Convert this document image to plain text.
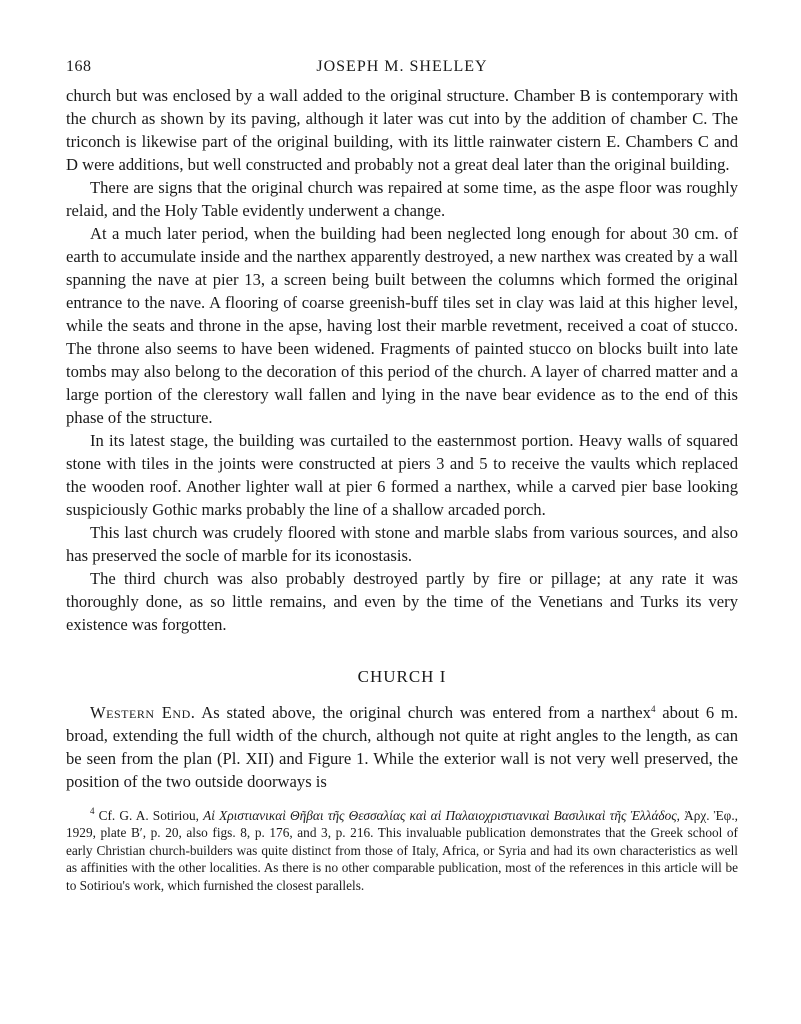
168	JOSEPH M. SHELLEY

church but was enclosed by a wall added to the original structure. Chamber B is contemporary with the church as shown by its paving, although it later was cut into by the addition of chamber C. The triconch is likewise part of the original building, with its little rainwater cistern E. Chambers C and D were additions, but well constructed and probably not a great deal later than the original building.

There are signs that the original church was repaired at some time, as the aspe floor was roughly relaid, and the Holy Table evidently underwent a change.

At a much later period, when the building had been neglected long enough for about 30 cm. of earth to accumulate inside and the narthex apparently destroyed, a new narthex was created by a wall spanning the nave at pier 13, a screen being built between the columns which formed the original entrance to the nave. A flooring of coarse greenish-buff tiles set in clay was laid at this higher level, while the seats and throne in the apse, having lost their marble revetment, received a coat of stucco. The throne also seems to have been widened. Fragments of painted stucco on blocks built into late tombs may also belong to the decoration of this period of the church. A layer of charred matter and a large portion of the clerestory wall fallen and lying in the nave bear evidence as to the end of this phase of the structure.

In its latest stage, the building was curtailed to the easternmost portion. Heavy walls of squared stone with tiles in the joints were constructed at piers 3 and 5 to receive the vaults which replaced the wooden roof. Another lighter wall at pier 6 formed a narthex, while a carved pier base looking suspiciously Gothic marks probably the line of a shallow arcaded porch.

This last church was crudely floored with stone and marble slabs from various sources, and also has preserved the socle of marble for its iconostasis.

The third church was also probably destroyed partly by fire or pillage; at any rate it was thoroughly done, as so little remains, and even by the time of the Venetians and Turks its very existence was forgotten.

CHURCH I

Western End. As stated above, the original church was entered from a narthex$^4$ about 6 m. broad, extending the full width of the church, although not quite at right angles to the length, as can be seen from the plan (Pl. XII) and Figure 1. While the exterior wall is not very well preserved, the position of the two outside doorways is

$^4$ Cf. G. A. Sotiriou, Αἱ Χριστιανικαὶ Θῆβαι τῆς Θεσσαλίας καὶ αἱ Παλαιοχριστιανικαὶ Βασιλικαὶ τῆς Ἑλλάδος, Ἀρχ. Ἐφ., 1929, plate Β′, p. 20, also figs. 8, p. 176, and 3, p. 216. This invaluable publication demonstrates that the Greek school of early Christian church-builders was quite distinct from those of Italy, Africa, or Syria and had its own characteristics as well as affinities with the other localities. As there is no other comparable publication, most of the references in this article will be to Sotiriou's work, which furnished the closest parallels.
